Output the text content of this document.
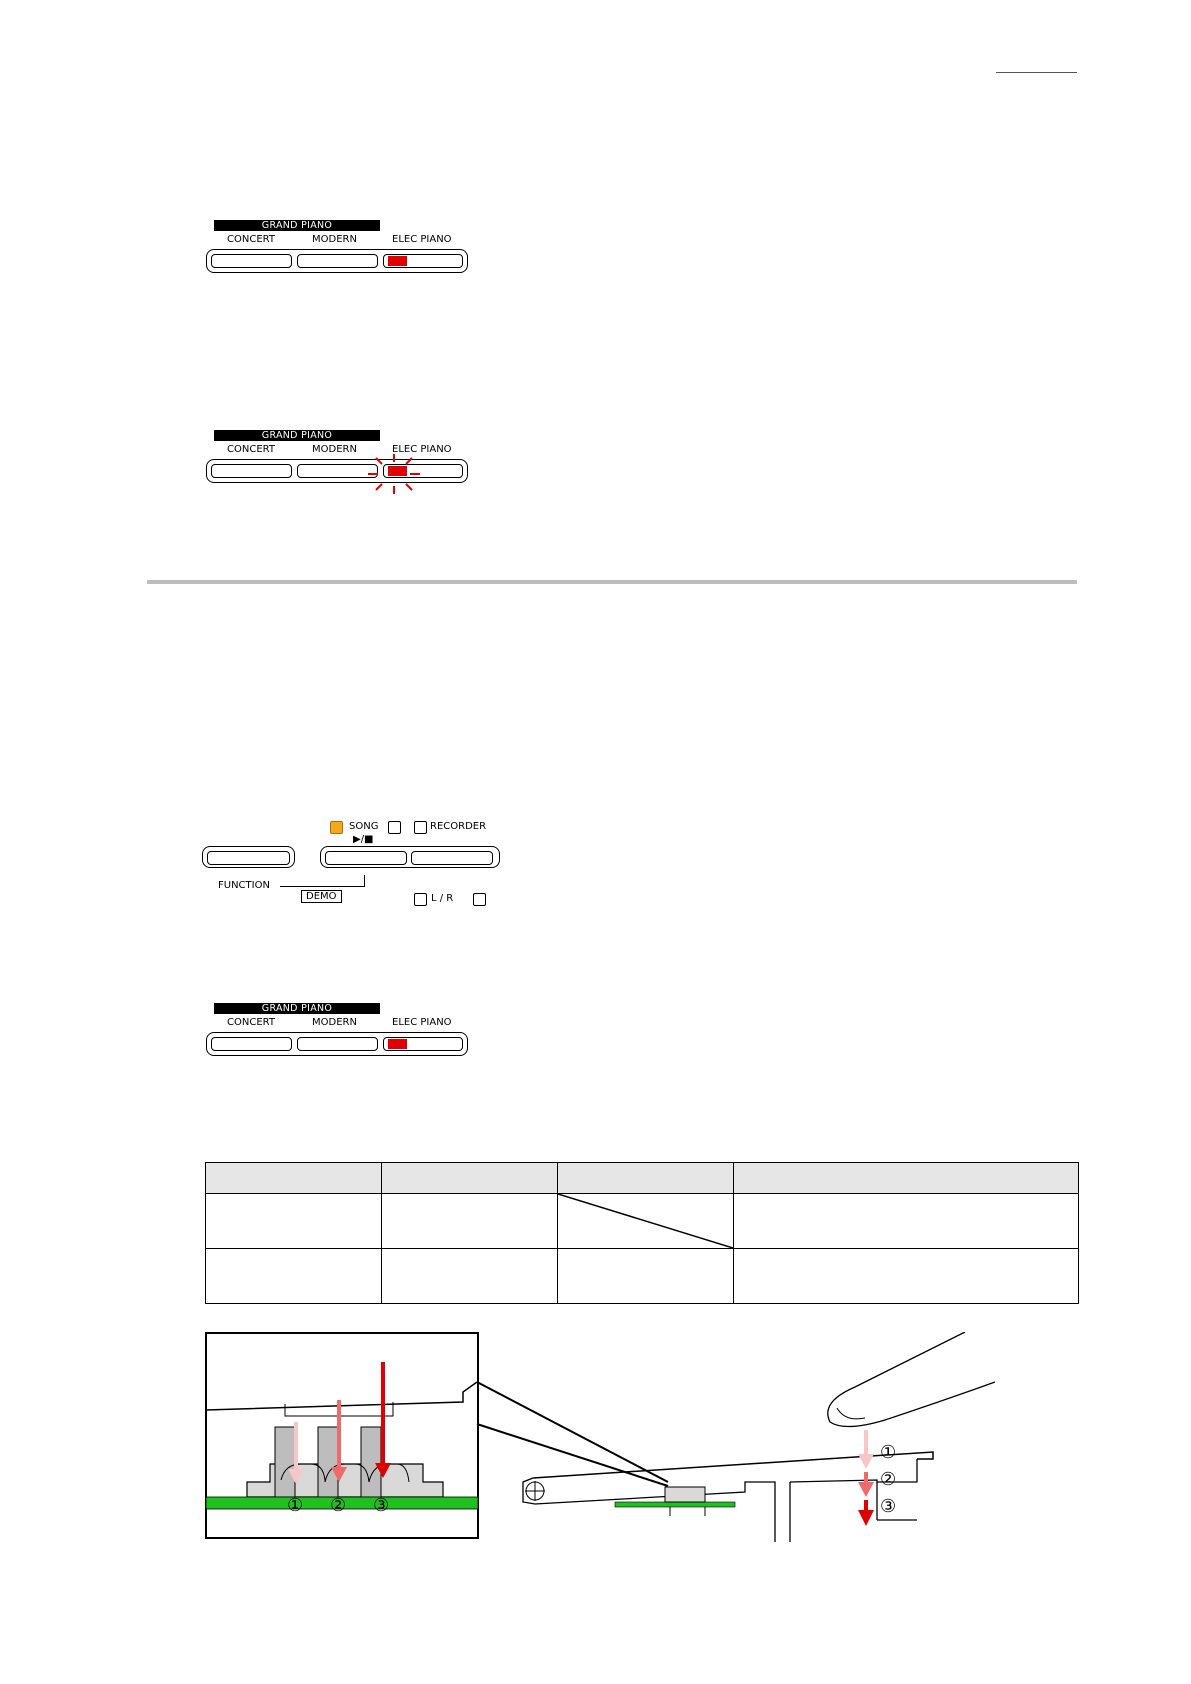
GRAND PIANO
CONCERT	MODERN	ELEC PIANO
GRAND PIANO
CONCERT	MODERN	ELEC PIANO
SONG
▶/■
RECORDER
FUNCTION
DEMO	L / R
GRAND PIANO
CONCERT	MODERN	ELEC PIANO

① ② ③
①
②
③
